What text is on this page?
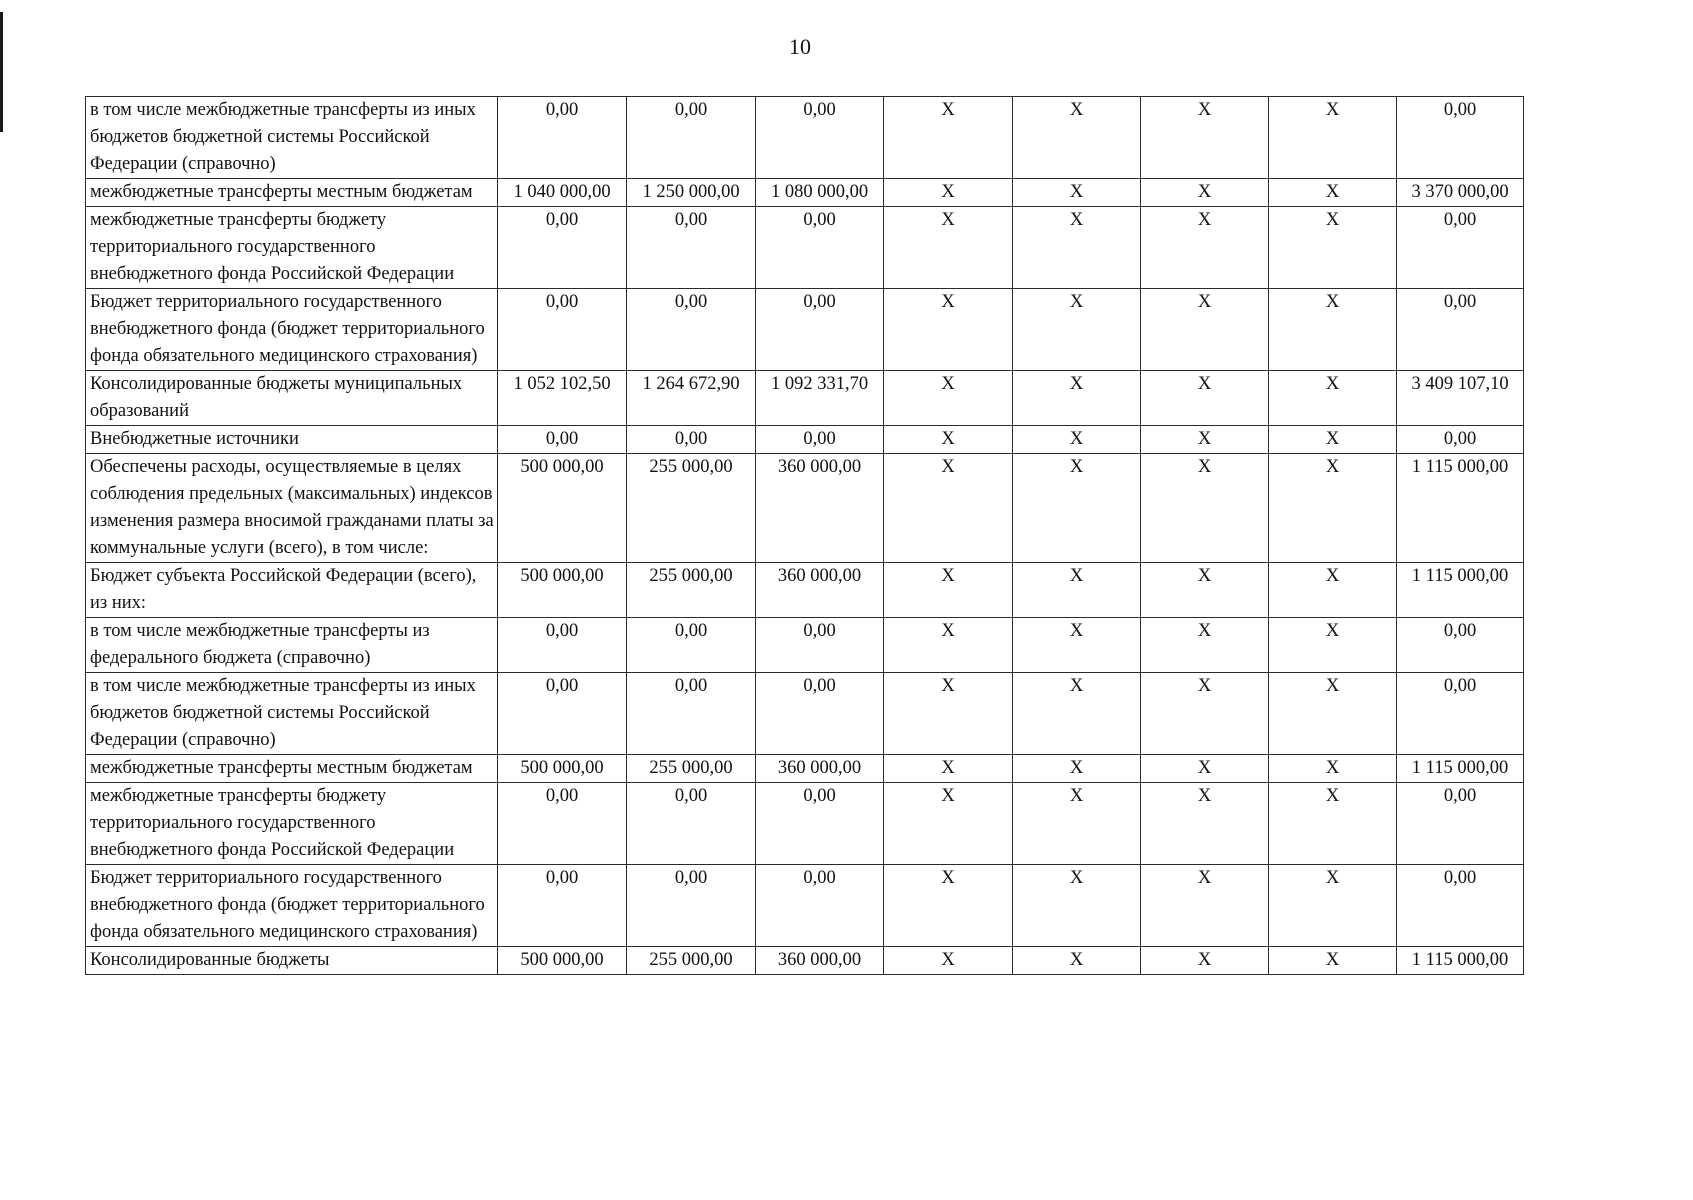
10
в том числе межбюджетные трансферты из иных бюджетов бюджетной системы Российской Федерации (справочно)	0,00	0,00	0,00	X	X	X	X	0,00
межбюджетные трансферты местным бюджетам	1 040 000,00	1 250 000,00	1 080 000,00	X	X	X	X	3 370 000,00
межбюджетные трансферты бюджету территориального государственного внебюджетного фонда Российской Федерации	0,00	0,00	0,00	X	X	X	X	0,00
Бюджет территориального государственного внебюджетного фонда (бюджет территориального фонда обязательного медицинского страхования)	0,00	0,00	0,00	X	X	X	X	0,00
Консолидированные бюджеты муниципальных образований	1 052 102,50	1 264 672,90	1 092 331,70	X	X	X	X	3 409 107,10
Внебюджетные источники	0,00	0,00	0,00	X	X	X	X	0,00
Обеспечены расходы, осуществляемые в целях соблюдения предельных (максимальных) индексов изменения размера вносимой гражданами платы за коммунальные услуги (всего), в том числе:	500 000,00	255 000,00	360 000,00	X	X	X	X	1 115 000,00
Бюджет субъекта Российской Федерации (всего), из них:	500 000,00	255 000,00	360 000,00	X	X	X	X	1 115 000,00
в том числе межбюджетные трансферты из федерального бюджета (справочно)	0,00	0,00	0,00	X	X	X	X	0,00
в том числе межбюджетные трансферты из иных бюджетов бюджетной системы Российской Федерации (справочно)	0,00	0,00	0,00	X	X	X	X	0,00
межбюджетные трансферты местным бюджетам	500 000,00	255 000,00	360 000,00	X	X	X	X	1 115 000,00
межбюджетные трансферты бюджету территориального государственного внебюджетного фонда Российской Федерации	0,00	0,00	0,00	X	X	X	X	0,00
Бюджет территориального государственного внебюджетного фонда (бюджет территориального фонда обязательного медицинского страхования)	0,00	0,00	0,00	X	X	X	X	0,00
Консолидированные бюджеты	500 000,00	255 000,00	360 000,00	X	X	X	X	1 115 000,00
